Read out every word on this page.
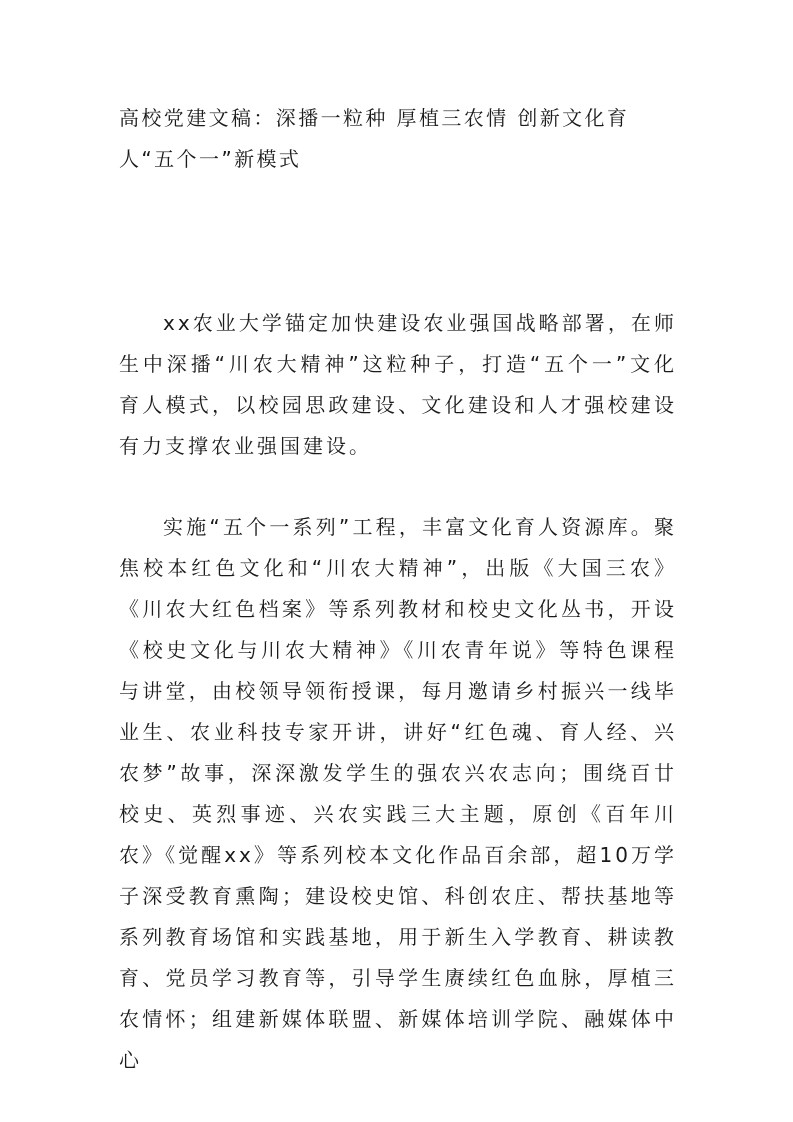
高校党建文稿：深播一粒种 厚植三农情 创新文化育人“五个一”新模式

xx农业大学锚定加快建设农业强国战略部署，在师生中深播“川农大精神”这粒种子，打造“五个一”文化育人模式，以校园思政建设、文化建设和人才强校建设有力支撑农业强国建设。

实施“五个一系列”工程，丰富文化育人资源库。聚焦校本红色文化和“川农大精神”，出版《大国三农》《川农大红色档案》等系列教材和校史文化丛书，开设《校史文化与川农大精神》《川农青年说》等特色课程与讲堂，由校领导领衔授课，每月邀请乡村振兴一线毕业生、农业科技专家开讲，讲好“红色魂、育人经、兴农梦”故事，深深激发学生的强农兴农志向；围绕百廿校史、英烈事迹、兴农实践三大主题，原创《百年川农》《觉醒xx》等系列校本文化作品百余部，超10万学子深受教育熏陶；建设校史馆、科创农庄、帮扶基地等系列教育场馆和实践基地，用于新生入学教育、耕读教育、党员学习教育等，引导学生赓续红色血脉，厚植三农情怀；组建新媒体联盟、新媒体培训学院、融媒体中心
